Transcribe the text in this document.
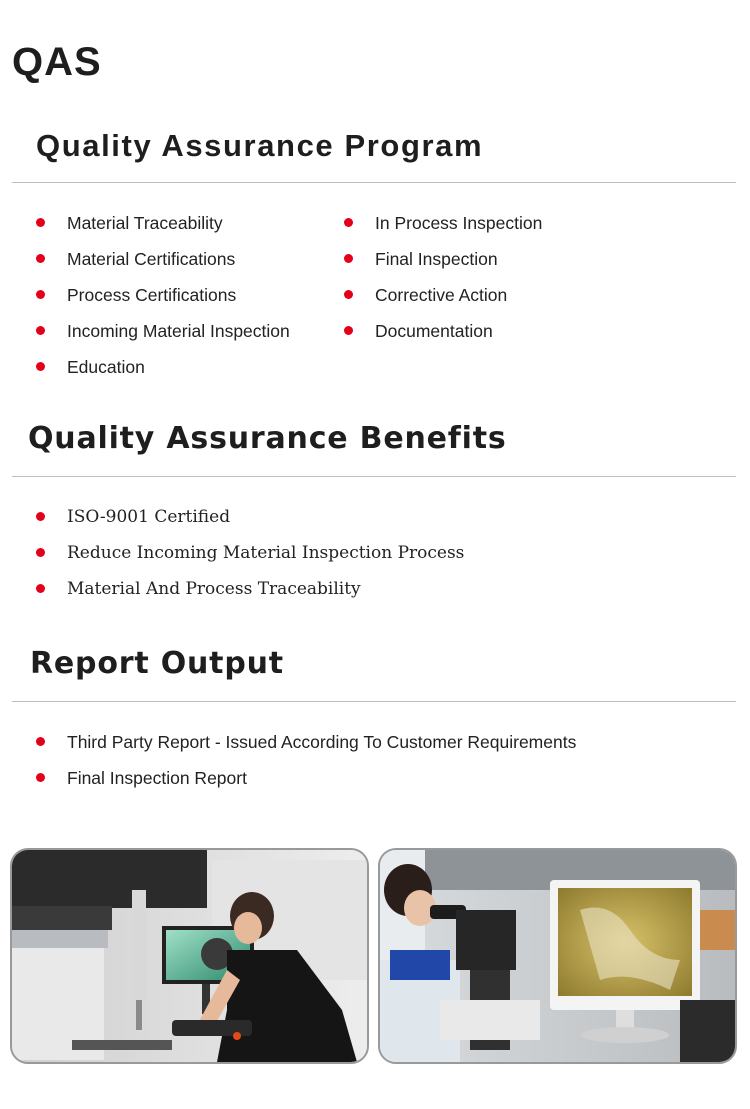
QAS
Quality Assurance Program
Material Traceability
Material Certifications
Process Certifications
Incoming Material Inspection
Education
In Process Inspection
Final Inspection
Corrective Action
Documentation
Quality Assurance Benefits
ISO-9001 Certified
Reduce Incoming Material Inspection Process
Material And Process Traceability
Report Output
Third Party Report - Issued According To Customer Requirements
Final Inspection Report
